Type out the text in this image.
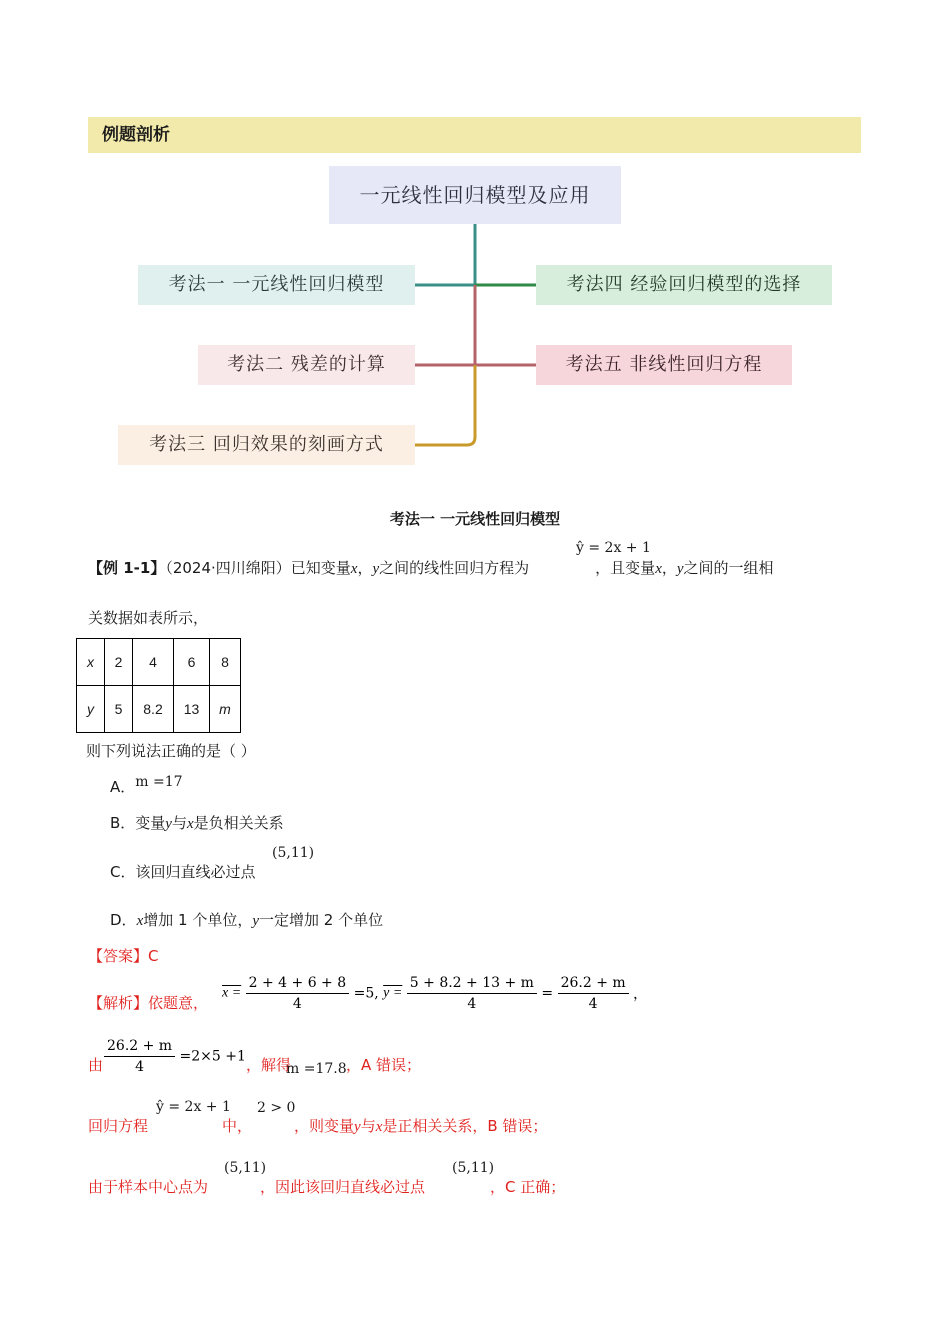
例题剖析
一元线性回归模型及应用
考法一 一元线性回归模型
考法二 残差的计算
考法三 回归效果的刻画方式
考法四 经验回归模型的选择
考法五 非线性回归方程
考法一 一元线性回归模型
ŷ = 2x + 1
【例 1-1】（2024·四川绵阳）已知变量x，y之间的线性回归方程为	，且变量x，y之间的一组相
关数据如表所示，
x	2	4	6	8
y	5	8.2	13	m
则下列说法正确的是（ ）
A．m =17
B．变量y与x是负相关关系
(5,11)
C．该回归直线必过点
D．x增加 1 个单位，y一定增加 2 个单位
【答案】C
【解析】依题意，
$x = \frac{2 + 4 + 6 + 8}{4} =5$, $y = \frac{5 + 8.2 + 13 + m}{4} = \frac{26.2 + m}{4}$ ，
由 $\frac{26.2 + m}{4} =2\times 5 +1$ ，解得
m =17.8 ，A 错误；
回归方程
ŷ = 2x + 1
中，
2 > 0
，则变量y与x是正相关关系，B 错误；
由于样本中心点为
(5,11)
，因此该回归直线必过点
(5,11)
，C 正确；
